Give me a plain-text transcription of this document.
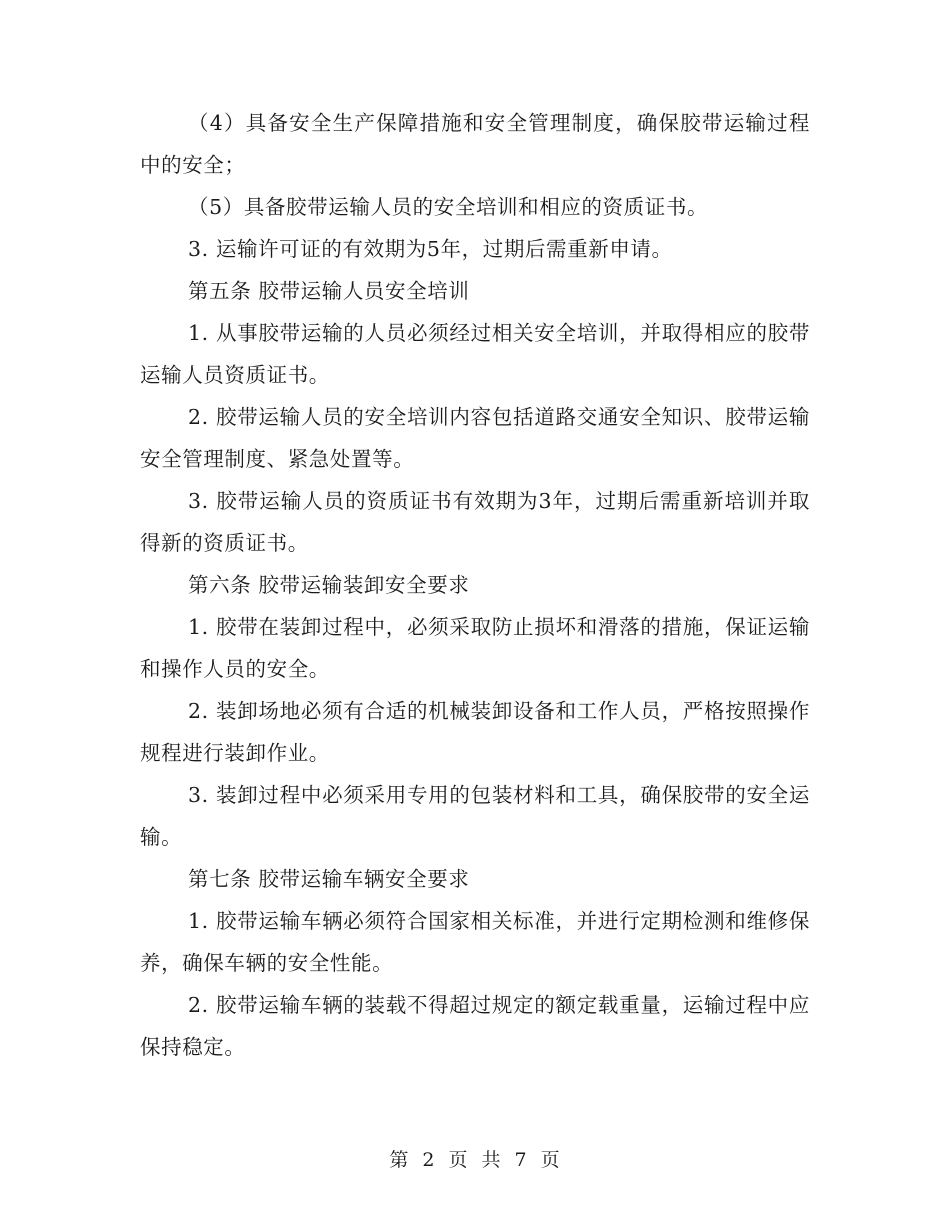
（4）具备安全生产保障措施和安全管理制度，确保胶带运输过程中的安全；

（5）具备胶带运输人员的安全培训和相应的资质证书。

3. 运输许可证的有效期为5年，过期后需重新申请。

第五条 胶带运输人员安全培训

1. 从事胶带运输的人员必须经过相关安全培训，并取得相应的胶带运输人员资质证书。

2. 胶带运输人员的安全培训内容包括道路交通安全知识、胶带运输安全管理制度、紧急处置等。

3. 胶带运输人员的资质证书有效期为3年，过期后需重新培训并取得新的资质证书。

第六条 胶带运输装卸安全要求

1. 胶带在装卸过程中，必须采取防止损坏和滑落的措施，保证运输和操作人员的安全。

2. 装卸场地必须有合适的机械装卸设备和工作人员，严格按照操作规程进行装卸作业。

3. 装卸过程中必须采用专用的包装材料和工具，确保胶带的安全运输。

第七条 胶带运输车辆安全要求

1. 胶带运输车辆必须符合国家相关标准，并进行定期检测和维修保养，确保车辆的安全性能。

2. 胶带运输车辆的装载不得超过规定的额定载重量，运输过程中应保持稳定。

第 2 页 共 7 页
